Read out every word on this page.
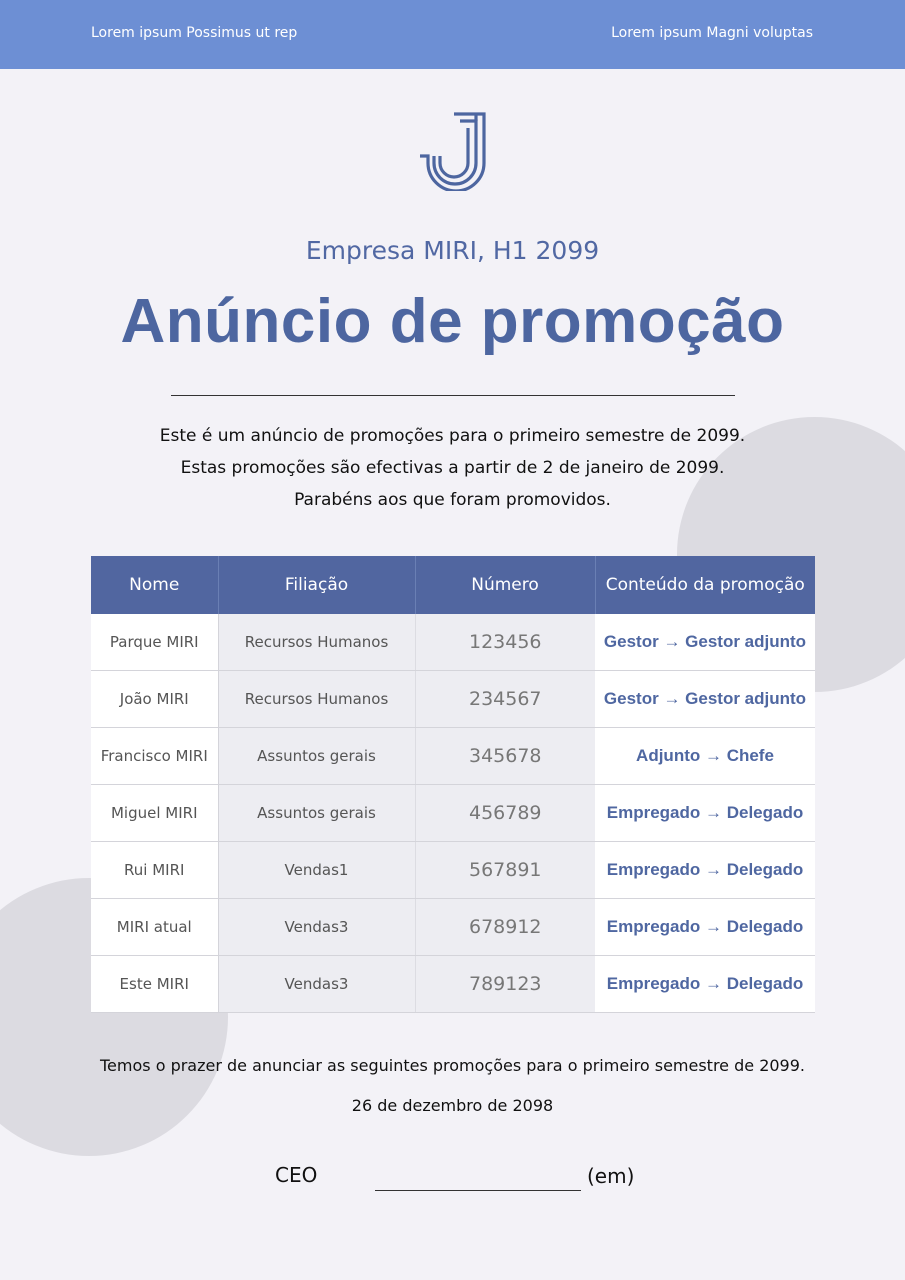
Lorem ipsum Possimus ut rep	Lorem ipsum Magni voluptas
Empresa MIRI, H1 2099
Anúncio de promoção
Este é um anúncio de promoções para o primeiro semestre de 2099.
Estas promoções são efectivas a partir de 2 de janeiro de 2099.
Parabéns aos que foram promovidos.
Nome	Filiação	Número	Conteúdo da promoção
Parque MIRI	Recursos Humanos	123456	Gestor → Gestor adjunto
João MIRI	Recursos Humanos	234567	Gestor → Gestor adjunto
Francisco MIRI	Assuntos gerais	345678	Adjunto → Chefe
Miguel MIRI	Assuntos gerais	456789	Empregado → Delegado
Rui MIRI	Vendas1	567891	Empregado → Delegado
MIRI atual	Vendas3	678912	Empregado → Delegado
Este MIRI	Vendas3	789123	Empregado → Delegado
Temos o prazer de anunciar as seguintes promoções para o primeiro semestre de 2099.
26 de dezembro de 2098
CEO	(em)
